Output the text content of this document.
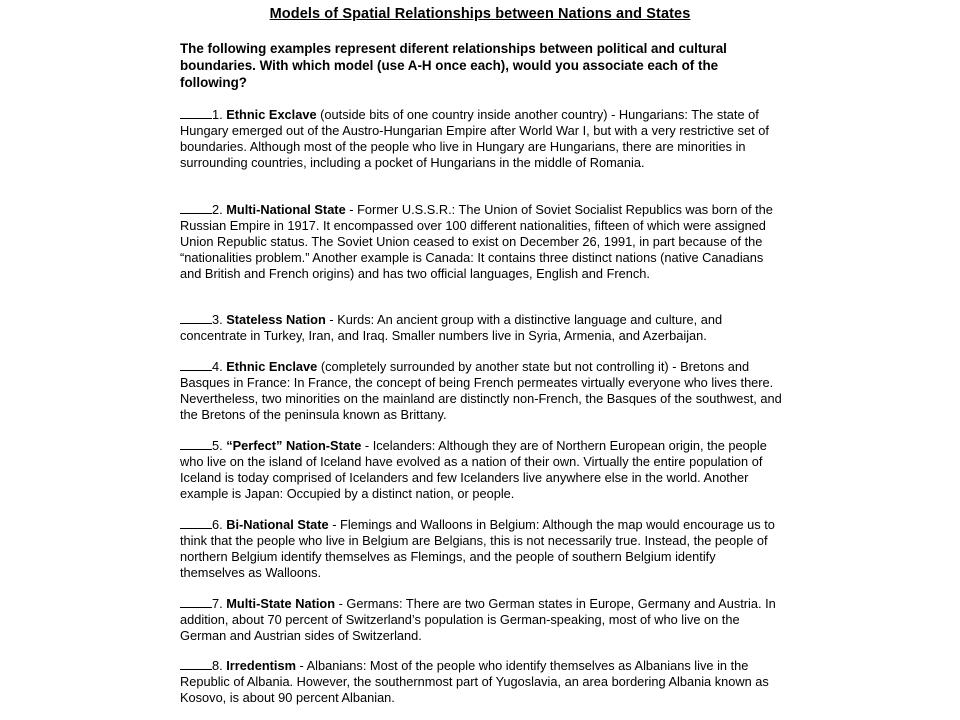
Models of Spatial Relationships between Nations and States

The following examples represent diferent relationships between political and cultural boundaries. With which model (use A-H once each), would you associate each of the following?

1. Ethnic Exclave (outside bits of one country inside another country) - Hungarians: The state of Hungary emerged out of the Austro-Hungarian Empire after World War I, but with a very restrictive set of boundaries. Although most of the people who live in Hungary are Hungarians, there are minorities in surrounding countries, including a pocket of Hungarians in the middle of Romania.

2. Multi-National State - Former U.S.S.R.: The Union of Soviet Socialist Republics was born of the Russian Empire in 1917. It encompassed over 100 different nationalities, fifteen of which were assigned Union Republic status. The Soviet Union ceased to exist on December 26, 1991, in part because of the “nationalities problem.” Another example is Canada: It contains three distinct nations (native Canadians and British and French origins) and has two official languages, English and French.

3. Stateless Nation - Kurds: An ancient group with a distinctive language and culture, and concentrate in Turkey, Iran, and Iraq. Smaller numbers live in Syria, Armenia, and Azerbaijan.

4. Ethnic Enclave (completely surrounded by another state but not controlling it) - Bretons and Basques in France: In France, the concept of being French permeates virtually everyone who lives there. Nevertheless, two minorities on the mainland are distinctly non-French, the Basques of the southwest, and the Bretons of the peninsula known as Brittany.

5. “Perfect” Nation-State - Icelanders: Although they are of Northern European origin, the people who live on the island of Iceland have evolved as a nation of their own. Virtually the entire population of Iceland is today comprised of Icelanders and few Icelanders live anywhere else in the world. Another example is Japan: Occupied by a distinct nation, or people.

6. Bi-National State - Flemings and Walloons in Belgium: Although the map would encourage us to think that the people who live in Belgium are Belgians, this is not necessarily true. Instead, the people of northern Belgium identify themselves as Flemings, and the people of southern Belgium identify themselves as Walloons.

7. Multi-State Nation - Germans: There are two German states in Europe, Germany and Austria. In addition, about 70 percent of Switzerland’s population is German-speaking, most of who live on the German and Austrian sides of Switzerland.

8. Irredentism - Albanians: Most of the people who identify themselves as Albanians live in the Republic of Albania. However, the southernmost part of Yugoslavia, an area bordering Albania known as Kosovo, is about 90 percent Albanian.
